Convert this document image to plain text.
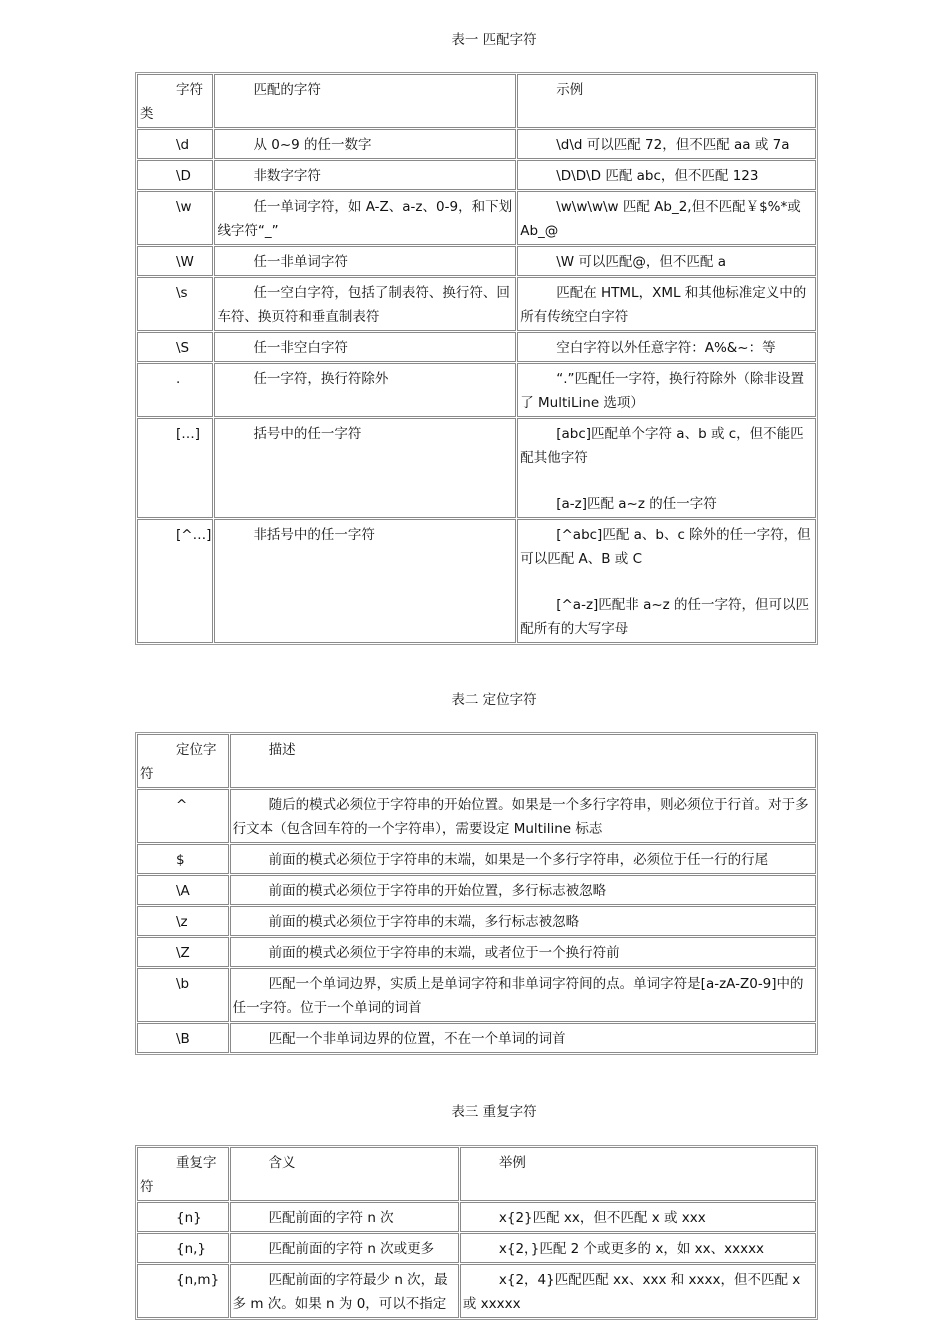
表一 匹配字符
字符类	匹配的字符	示例
\d	从 0~9 的任一数字	\d\d 可以匹配 72，但不匹配 aa 或 7a

\D	非数字字符	\D\D\D 匹配 abc，但不匹配 123

\w	任一单词字符，如 A-Z、a-z、0-9，和下划线字符“_”	\w\w\w\w 匹配 Ab_2,但不匹配￥$%*或 Ab_@

\W	任一非单词字符	\W 可以匹配@，但不匹配 a

\s	任一空白字符，包括了制表符、换行符、回车符、换页符和垂直制表符	匹配在 HTML，XML 和其他标准定义中的所有传统空白字符

\S	任一非空白字符	空白字符以外任意字符：A%&~：等

.	任一字符，换行符除外	“.”匹配任一字符，换行符除外（除非设置了 MultiLine 选项）

[…]	括号中的任一字符	[abc]匹配单个字符 a、b 或 c，但不能匹配其他字符
[a-z]匹配 a~z 的任一字符

[^…]	非括号中的任一字符	[^abc]匹配 a、b、c 除外的任一字符，但可以匹配 A、B 或 C
[^a-z]匹配非 a~z 的任一字符，但可以匹配所有的大写字母
表二 定位字符
定位字符	描述
^	随后的模式必须位于字符串的开始位置。如果是一个多行字符串，则必须位于行首。对于多行文本（包含回车符的一个字符串），需要设定 Multiline 标志
$	前面的模式必须位于字符串的末端，如果是一个多行字符串，必须位于任一行的行尾
\A	前面的模式必须位于字符串的开始位置，多行标志被忽略
\z	前面的模式必须位于字符串的末端，多行标志被忽略
\Z	前面的模式必须位于字符串的末端，或者位于一个换行符前
\b	匹配一个单词边界，实质上是单词字符和非单词字符间的点。单词字符是[a-zA-Z0-9]中的任一字符。位于一个单词的词首
\B	匹配一个非单词边界的位置，不在一个单词的词首
表三 重复字符
重复字符	含义	举例
{n}	匹配前面的字符 n 次	x{2}匹配 xx，但不匹配 x 或 xxx
{n,}	匹配前面的字符 n 次或更多	x{2，}匹配 2 个或更多的 x，如 xx、xxxxx
{n,m}	匹配前面的字符最少 n 次，最多 m 次。如果 n 为 0，可以不指定	x{2，4}匹配匹配 xx、xxx 和 xxxx，但不匹配 x 或 xxxxx
